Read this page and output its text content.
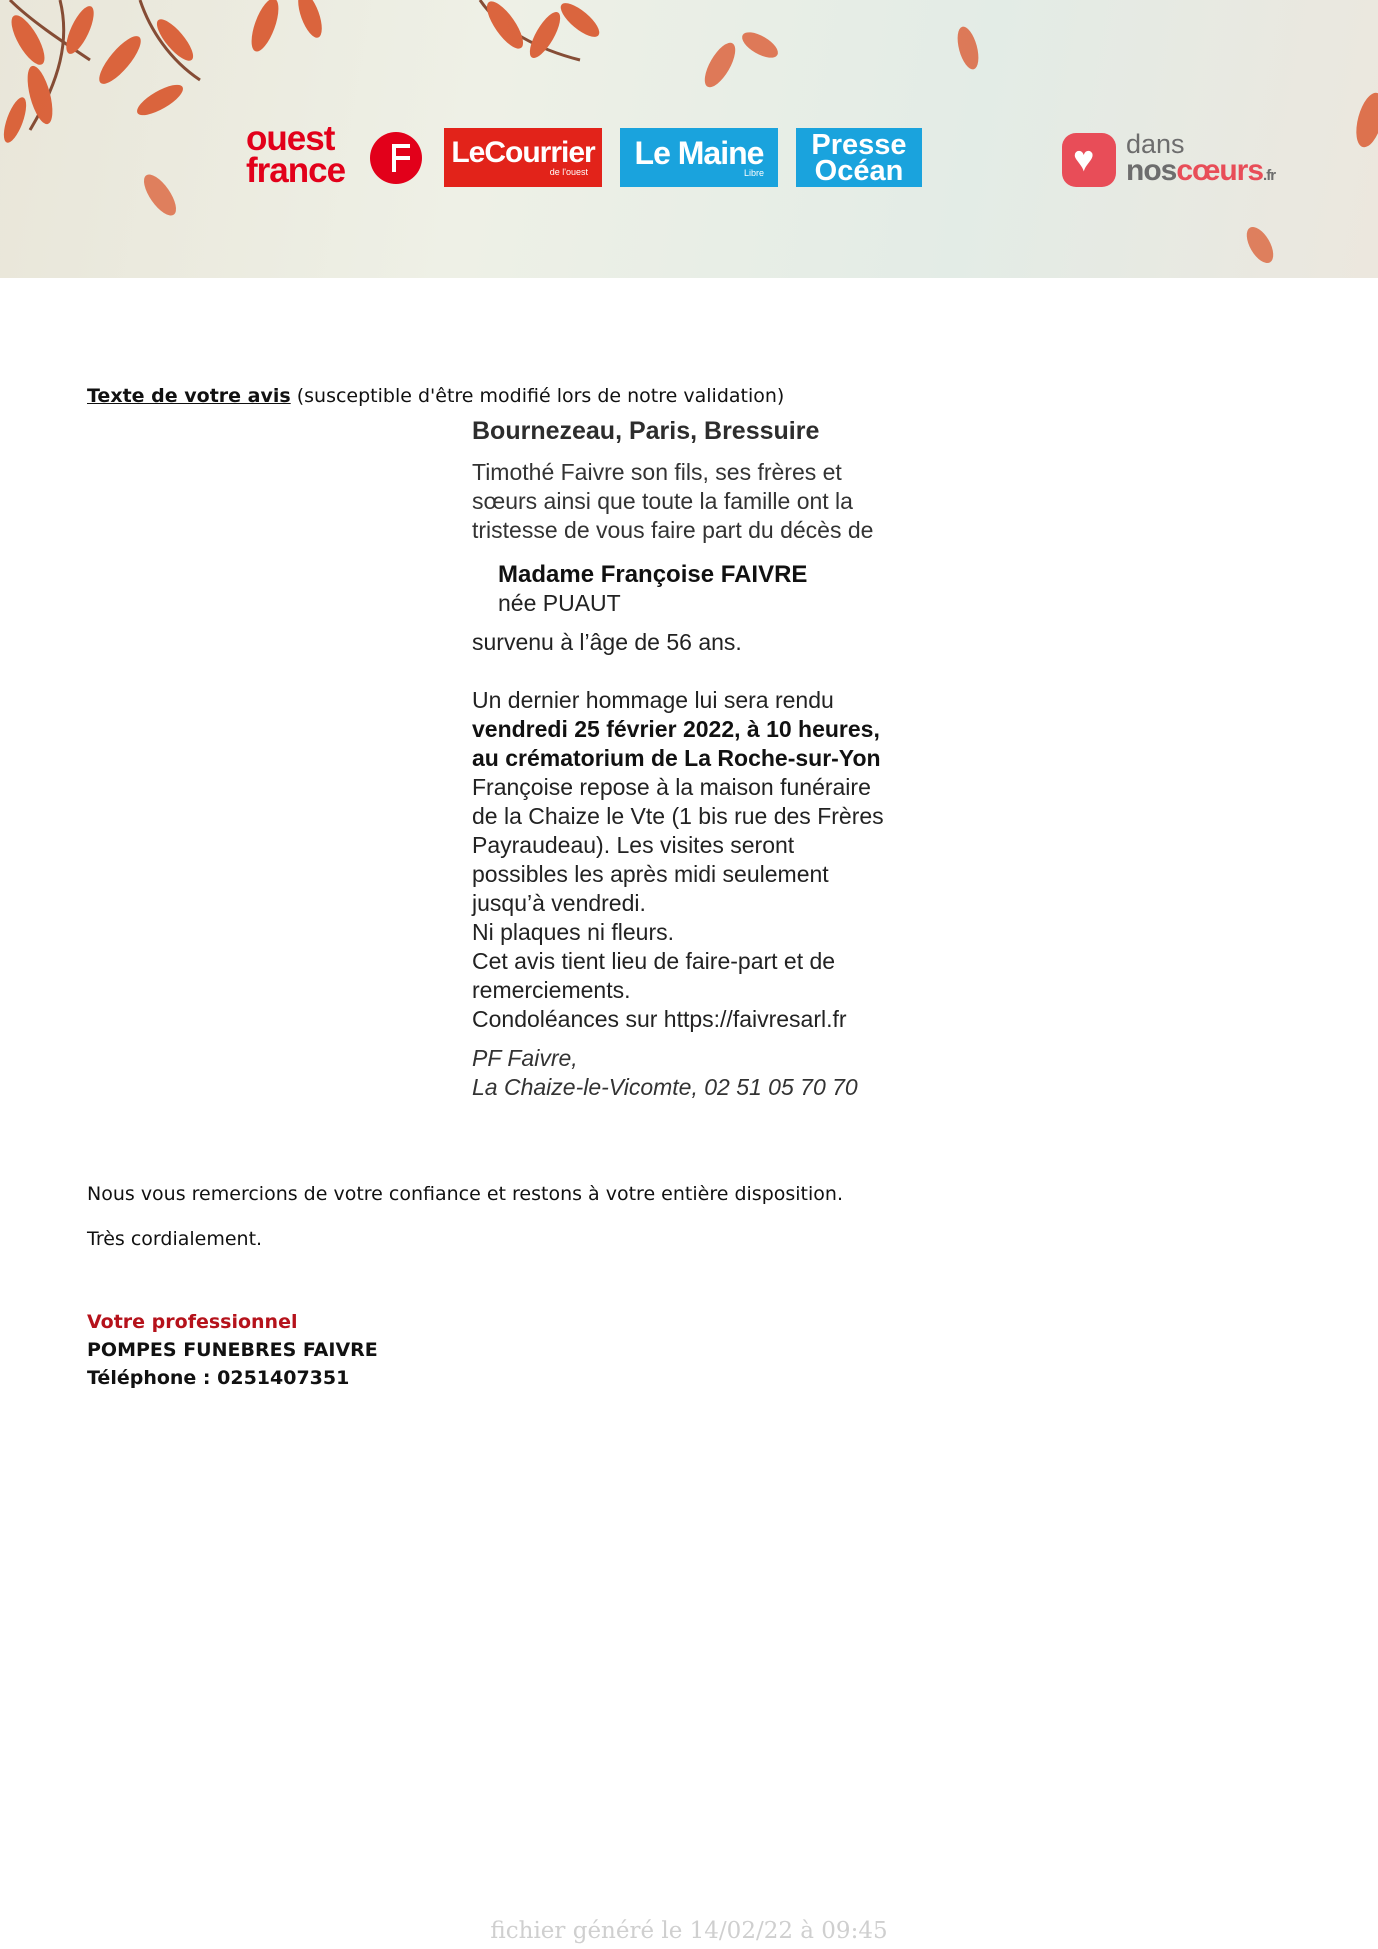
ouest
france	LeCourrier
de l'ouest
Le Maine
Libre
Presse
Océan
♥
dans
noscœurs.fr
Texte de votre avis (susceptible d'être modifié lors de notre validation)

Bournezeau, Paris, Bressuire

Timothé Faivre son fils, ses frères et

sœurs ainsi que toute la famille ont la

tristesse de vous faire part du décès de

Madame Françoise FAIVRE

née PUAUT

survenu à l’âge de 56 ans.

Un dernier hommage lui sera rendu

vendredi 25 février 2022, à 10 heures,

au crématorium de La Roche-sur-Yon

Françoise repose à la maison funéraire

de la Chaize le Vte (1 bis rue des Frères

Payraudeau). Les visites seront

possibles les après midi seulement

jusqu’à vendredi.

Ni plaques ni fleurs.

Cet avis tient lieu de faire-part et de

remerciements.

Condoléances sur https://faivresarl.fr

PF Faivre,

La Chaize-le-Vicomte, 02 51 05 70 70

Nous vous remercions de votre confiance et restons à votre entière disposition.
Très cordialement.
Votre professionnel
POMPES FUNEBRES FAIVRE
Téléphone : 0251407351
fichier généré le 14/02/22 à 09:45
